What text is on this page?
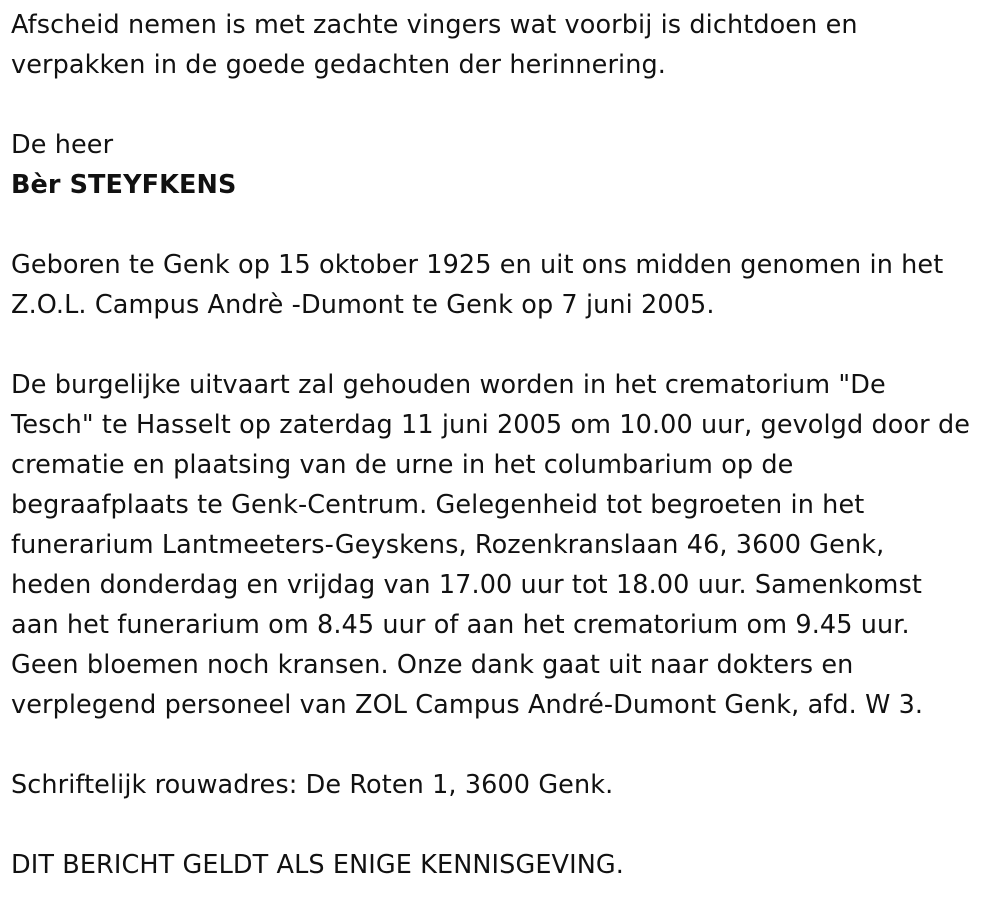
Afscheid nemen is met zachte vingers wat voorbij is dichtdoen en

verpakken in de goede gedachten der herinnering.

De heer

Bèr STEYFKENS

Geboren te Genk op 15 oktober 1925 en uit ons midden genomen in het

Z.O.L. Campus Andrè -Dumont te Genk op 7 juni 2005.

De burgelijke uitvaart zal gehouden worden in het crematorium "De

Tesch" te Hasselt op zaterdag 11 juni 2005 om 10.00 uur, gevolgd door de

crematie en plaatsing van de urne in het columbarium op de

begraafplaats te Genk-Centrum. Gelegenheid tot begroeten in het

funerarium Lantmeeters-Geyskens, Rozenkranslaan 46, 3600 Genk,

heden donderdag en vrijdag van 17.00 uur tot 18.00 uur. Samenkomst

aan het funerarium om 8.45 uur of aan het crematorium om 9.45 uur.

Geen bloemen noch kransen. Onze dank gaat uit naar dokters en

verplegend personeel van ZOL Campus André-Dumont Genk, afd. W 3.

Schriftelijk rouwadres: De Roten 1, 3600 Genk.

DIT BERICHT GELDT ALS ENIGE KENNISGEVING.
